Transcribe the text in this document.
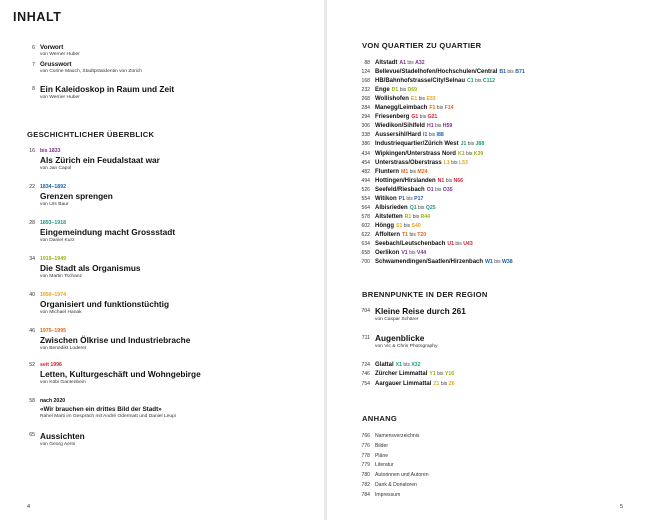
INHALT
6 Vorwort
von Werner Huber
7 Grusswort
von Corine Mauch, Stadtpräsidentin von Zürich
8 Ein Kaleidoskop in Raum und Zeit
von Werner Huber
GESCHICHTLICHER ÜBERBLICK
16 bis 1833
Als Zürich ein Feudalstaat war
von Jan Capol
22 1834–1892
Grenzen sprengen
von Urs Baur
28 1893–1918
Eingemeindung macht Grossstadt
von Daniel Kurz
34 1919–1949
Die Stadt als Organismus
von Martin Tschanz
40 1950–1974
Organisiert und funktionstüchtig
von Michael Hanak
46 1975–1995
Zwischen Ölkrise und Industriebrache
von Benedikt Loderer
52 seit 1996
Letten, Kulturgeschäft und Wohngebirge
von Köbi Gantenbein
58 nach 2020
«Wir brauchen ein drittes Bild der Stadt»
Rahel Marti im Gespräch mit André Odermatt und Daniel Leupi
65 Aussichten
von Georg Aerni
4
VON QUARTIER ZU QUARTIER
88 Altstadt A1 bis A32
124 Bellevue/Stadelhofen/Hochschulen/Central B1 bis B71
168 HB/Bahnhofstrasse/City/Selnau C1 bis C112
232 Enge D1 bis D69
268 Wollishofen E1 bis E33
284 Manegg/Leimbach F1 bis F14
294 Friesenberg G1 bis G21
306 Wiedikon/Sihlfeld H1 bis H59
338 Aussersihl/Hard I1 bis I88
386 Industriequartier/Zürich West J1 bis J88
434 Wipkingen/Unterstrass Nord K1 bis K39
454 Unterstrass/Oberstrass L1 bis L53
482 Fluntern M1 bis M24
494 Hottingen/Hirslanden N1 bis N66
526 Seefeld/Riesbach O1 bis O35
554 Witikon P1 bis P17
564 Albisrieden Q1 bis Q25
578 Altstetten R1 bis R44
602 Höngg S1 bis S40
622 Affoltern T1 bis T20
634 Seebach/Leutschenbach U1 bis U43
658 Oerlikon V1 bis V44
700 Schwamendingen/Saatlen/Hirzenbach W1 bis W38
BRENNPUNKTE IN DER REGION
704 Kleine Reise durch 261
von Caspar Schärer
711 Augenblicke
von Vic & Chris Photography
724 Glattal X1 bis X32
746 Zürcher Limmattal Y1 bis Y16
754 Aargauer Limmattal Z1 bis Z6
ANHANG
766 Namensverzeichnis
776 Bilder
778 Pläne
779 Literatur
780 Autorinnen und Autoren
782 Dank & Donatoren
784 Impressum
5
